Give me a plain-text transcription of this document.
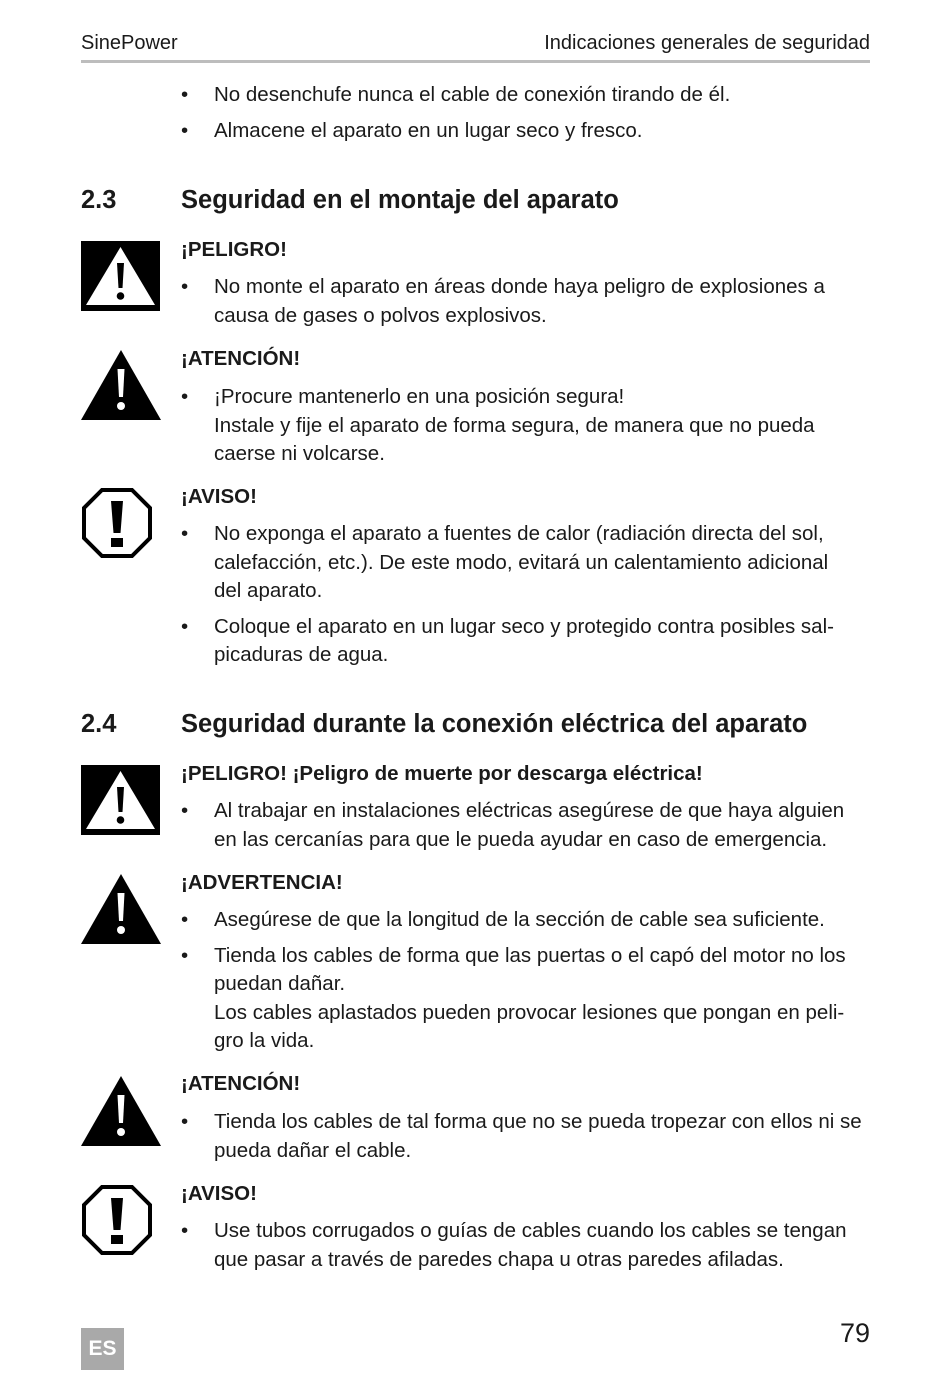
SinePower	Indicaciones generales de seguridad
• No desenchufe nunca el cable de conexión tirando de él.
• Almacene el aparato en un lugar seco y fresco.
2.3	Seguridad en el montaje del aparato
¡PELIGRO!
• No monte el aparato en áreas donde haya peligro de explosiones a
causa de gases o polvos explosivos.
¡ATENCIÓN!
• ¡Procure mantenerlo en una posición segura!
Instale y fije el aparato de forma segura, de manera que no pueda
caerse ni volcarse.
¡AVISO!
• No exponga el aparato a fuentes de calor (radiación directa del sol,
calefacción, etc.). De este modo, evitará un calentamiento adicional
del aparato.
• Coloque el aparato en un lugar seco y protegido contra posibles sal-
picaduras de agua.
2.4	Seguridad durante la conexión eléctrica del aparato
¡PELIGRO! ¡Peligro de muerte por descarga eléctrica!
• Al trabajar en instalaciones eléctricas asegúrese de que haya alguien
en las cercanías para que le pueda ayudar en caso de emergencia.
¡ADVERTENCIA!
• Asegúrese de que la longitud de la sección de cable sea suficiente.
• Tienda los cables de forma que las puertas o el capó del motor no los
puedan dañar.
Los cables aplastados pueden provocar lesiones que pongan en peli-
gro la vida.
¡ATENCIÓN!
• Tienda los cables de tal forma que no se pueda tropezar con ellos ni se
pueda dañar el cable.
¡AVISO!
• Use tubos corrugados o guías de cables cuando los cables se tengan
que pasar a través de paredes chapa u otras paredes afiladas.
ES
79
